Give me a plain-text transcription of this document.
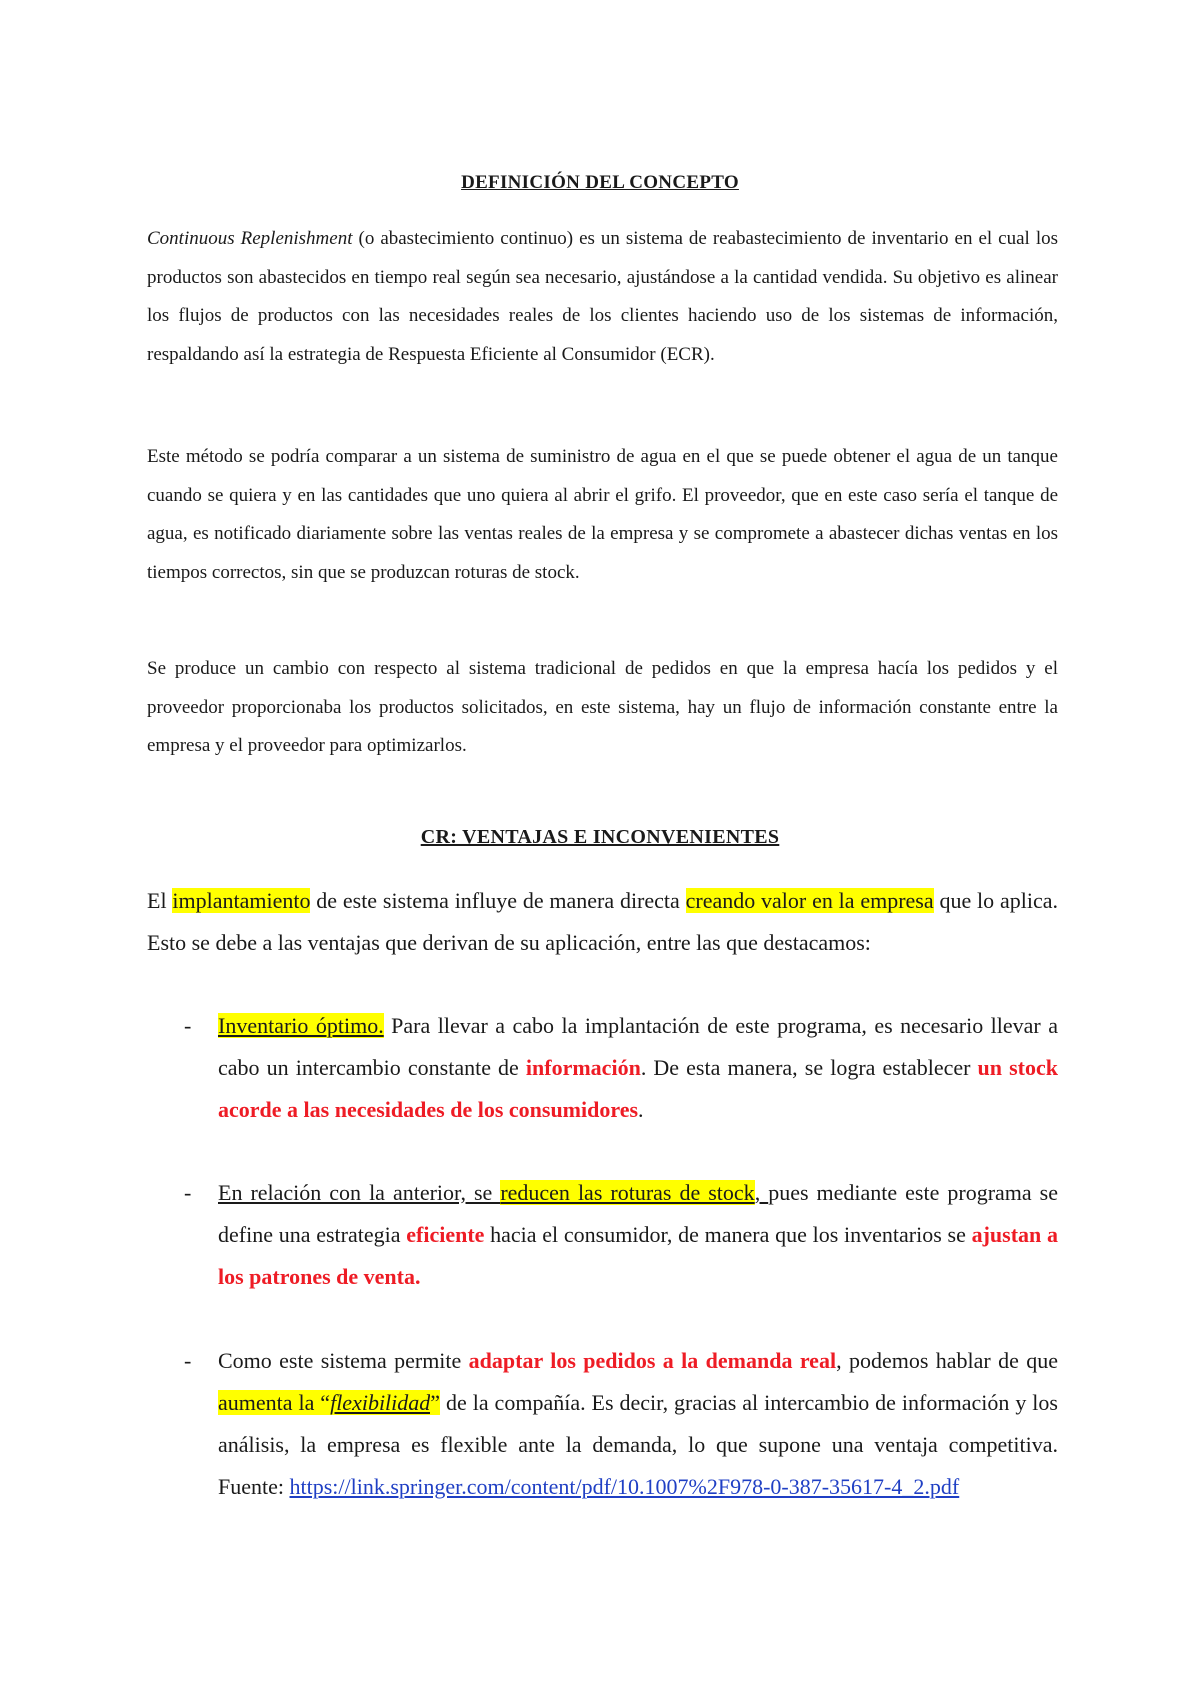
DEFINICIÓN DEL CONCEPTO

Continuous Replenishment (o abastecimiento continuo) es un sistema de reabastecimiento de inventario en el cual los productos son abastecidos en tiempo real según sea necesario, ajustándose a la cantidad vendida. Su objetivo es alinear los flujos de productos con las necesidades reales de los clientes haciendo uso de los sistemas de información, respaldando así la estrategia de Respuesta Eficiente al Consumidor (ECR).

Este método se podría comparar a un sistema de suministro de agua en el que se puede obtener el agua de un tanque cuando se quiera y en las cantidades que uno quiera al abrir el grifo. El proveedor, que en este caso sería el tanque de agua, es notificado diariamente sobre las ventas reales de la empresa y se compromete a abastecer dichas ventas en los tiempos correctos, sin que se produzcan roturas de stock.

Se produce un cambio con respecto al sistema tradicional de pedidos en que la empresa hacía los pedidos y el proveedor proporcionaba los productos solicitados, en este sistema, hay un flujo de información constante entre la empresa y el proveedor para optimizarlos.

CR: VENTAJAS E INCONVENIENTES

El implantamiento de este sistema influye de manera directa creando valor en la empresa que lo aplica. Esto se debe a las ventajas que derivan de su aplicación, entre las que destacamos:

- Inventario óptimo. Para llevar a cabo la implantación de este programa, es necesario llevar a cabo un intercambio constante de información. De esta manera, se logra establecer un stock acorde a las necesidades de los consumidores.

- En relación con la anterior, se reducen las roturas de stock, pues mediante este programa se define una estrategia eficiente hacia el consumidor, de manera que los inventarios se ajustan a los patrones de venta.

- Como este sistema permite adaptar los pedidos a la demanda real, podemos hablar de que aumenta la “flexibilidad” de la compañía. Es decir, gracias al intercambio de información y los análisis, la empresa es flexible ante la demanda, lo que supone una ventaja competitiva. Fuente: https://link.springer.com/content/pdf/10.1007%2F978-0-387-35617-4_2.pdf
